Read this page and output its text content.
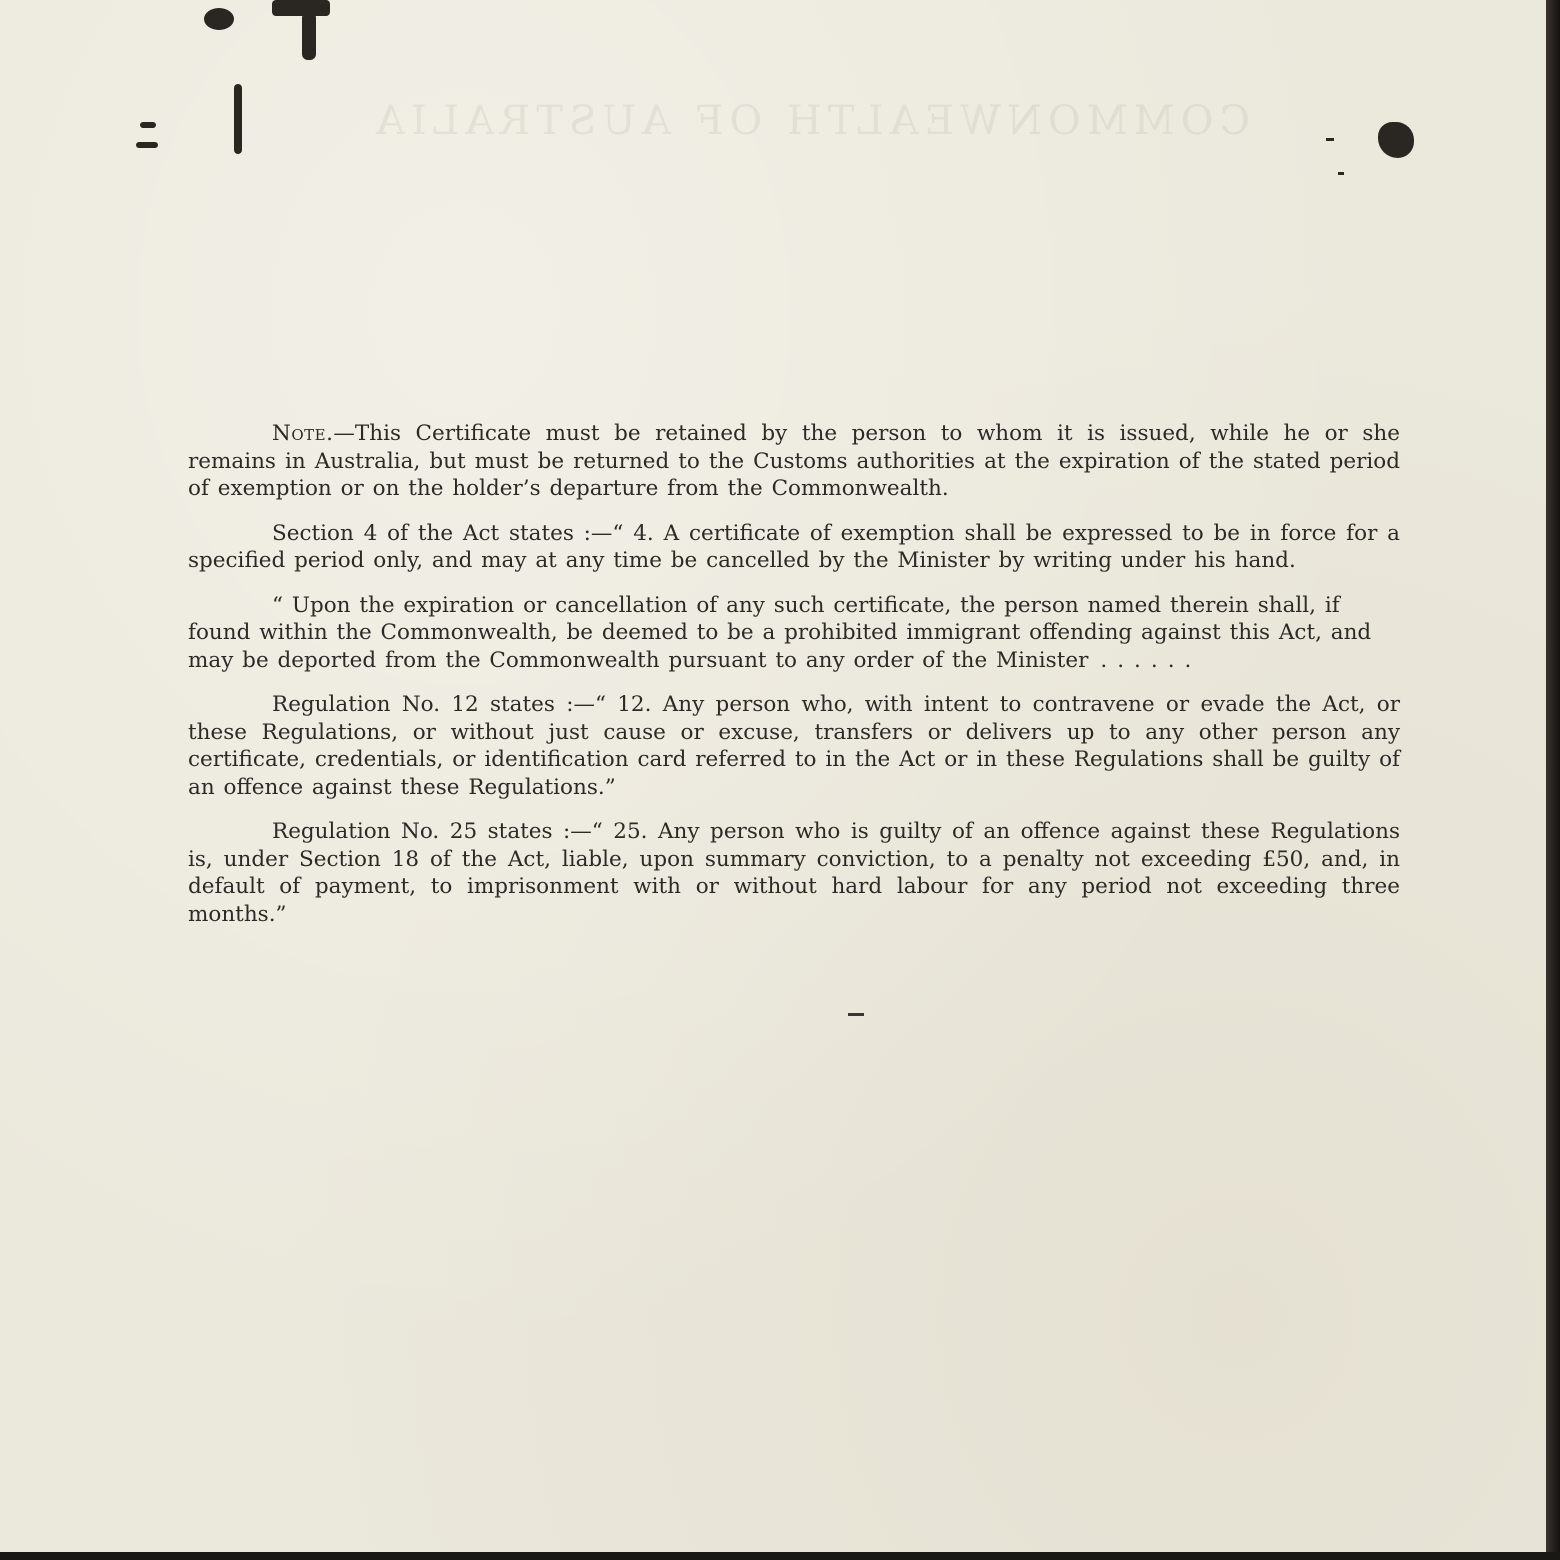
COMMONWEALTH OF AUSTRALIA

Note.—This Certificate must be retained by the person to whom it is issued, while he or she remains in Australia, but must be returned to the Customs authorities at the expiration of the stated period of exemption or on the holder’s departure from the Commonwealth.

Section 4 of the Act states :—“ 4. A certificate of exemption shall be expressed to be in force for a specified period only, and may at any time be cancelled by the Minister by writing under his hand.

“ Upon the expiration or cancellation of any such certificate, the person named therein shall, if found within the Commonwealth, be deemed to be a prohibited immigrant offending against this Act, and may be deported from the Commonwealth pursuant to any order of the Minister ......

Regulation No. 12 states :—“ 12. Any person who, with intent to contravene or evade the Act, or these Regulations, or without just cause or excuse, transfers or delivers up to any other person any certificate, credentials, or identification card referred to in the Act or in these Regulations shall be guilty of an offence against these Regulations.”

Regulation No. 25 states :—“ 25. Any person who is guilty of an offence against these Regulations is, under Section 18 of the Act, liable, upon summary conviction, to a penalty not exceeding £50, and, in default of payment, to imprisonment with or without hard labour for any period not exceeding three months.”
